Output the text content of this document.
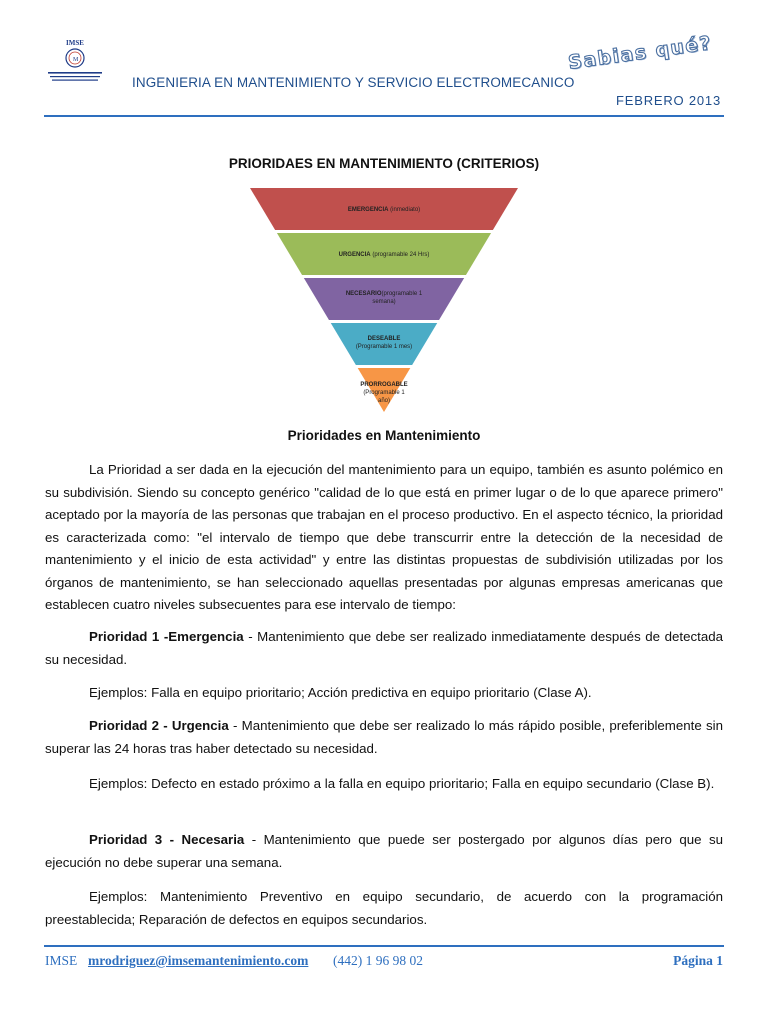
IMSE
M
INGENIERIA EN MANTENIMIENTO Y SERVICIO ELECTROMECANICO
Sabias qué?
FEBRERO 2013
PRIORIDAES EN MANTENIMIENTO (CRITERIOS)
EMERGENCIA (inmediato)
URGENCIA (programable 24 Hrs)
NECESARIO(programable 1 semana)
DESEABLE (Programable 1 mes)
PRORROGABLE (Programable 1 año)
Prioridades en Mantenimiento

La Prioridad a ser dada en la ejecución del mantenimiento para un equipo, también es asunto polémico en su subdivisión. Siendo su concepto genérico "calidad de lo que está en primer lugar o de lo que aparece primero" aceptado por la mayoría de las personas que trabajan en el proceso productivo. En el aspecto técnico, la prioridad es caracterizada como: "el intervalo de tiempo que debe transcurrir entre la detección de la necesidad de mantenimiento y el inicio de esta actividad" y entre las distintas propuestas de subdivisión utilizadas por los órganos de mantenimiento, se han seleccionado aquellas presentadas por algunas empresas americanas que establecen cuatro niveles subsecuentes para ese intervalo de tiempo:

Prioridad 1 -Emergencia - Mantenimiento que debe ser realizado inmediatamente después de detectada su necesidad.

Ejemplos: Falla en equipo prioritario; Acción predictiva en equipo prioritario (Clase A).

Prioridad 2 - Urgencia - Mantenimiento que debe ser realizado lo más rápido posible, preferiblemente sin superar las 24 horas tras haber detectado su necesidad.

Ejemplos: Defecto en estado próximo a la falla en equipo prioritario; Falla en equipo secundario (Clase B).

Prioridad 3 - Necesaria - Mantenimiento que puede ser postergado por algunos días pero que su ejecución no debe superar una semana.

Ejemplos: Mantenimiento Preventivo en equipo secundario, de acuerdo con la programación preestablecida; Reparación de defectos en equipos secundarios.

IMSE mrodriguez@imsemantenimiento.com (442) 1 96 98 02	Página 1
